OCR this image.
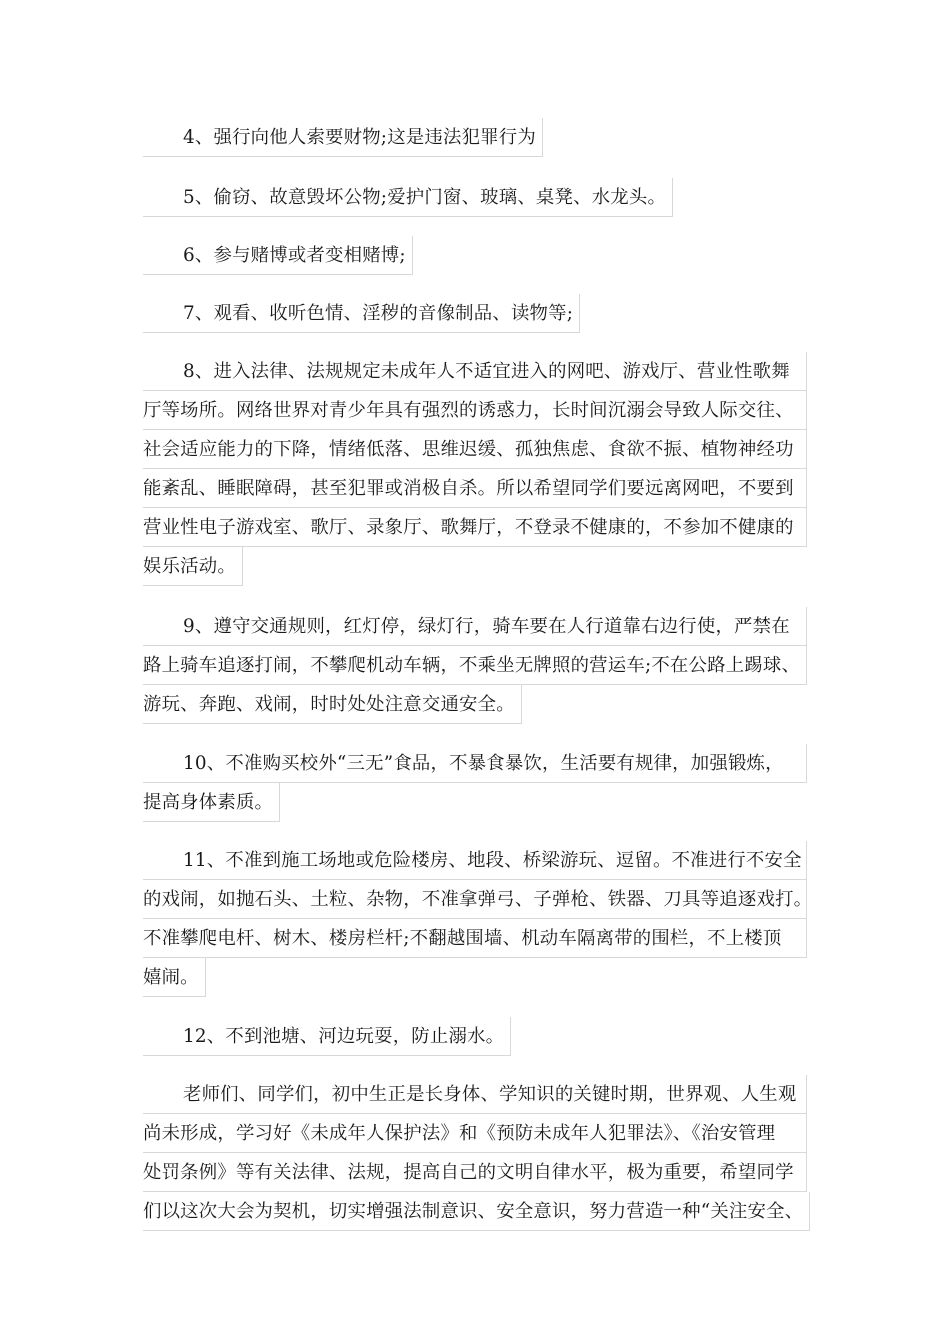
4、强行向他人索要财物;这是违法犯罪行为
5、偷窃、故意毁坏公物;爱护门窗、玻璃、桌凳、水龙头。
6、参与赌博或者变相赌博;
7、观看、收听色情、淫秽的音像制品、读物等;
8、进入法律、法规规定未成年人不适宜进入的网吧、游戏厅、营业性歌舞
厅等场所。网络世界对青少年具有强烈的诱惑力，长时间沉溺会导致人际交往、
社会适应能力的下降，情绪低落、思维迟缓、孤独焦虑、食欲不振、植物神经功
能紊乱、睡眠障碍，甚至犯罪或消极自杀。所以希望同学们要远离网吧，不要到
营业性电子游戏室、歌厅、录象厅、歌舞厅，不登录不健康的，不参加不健康的
娱乐活动。
9、遵守交通规则，红灯停，绿灯行，骑车要在人行道靠右边行使，严禁在
路上骑车追逐打闹，不攀爬机动车辆，不乘坐无牌照的营运车;不在公路上踢球、
游玩、奔跑、戏闹，时时处处注意交通安全。
10、不准购买校外“三无”食品，不暴食暴饮，生活要有规律，加强锻炼，
提高身体素质。
11、不准到施工场地或危险楼房、地段、桥梁游玩、逗留。不准进行不安全
的戏闹，如抛石头、土粒、杂物，不准拿弹弓、子弹枪、铁器、刀具等追逐戏打。
不准攀爬电杆、树木、楼房栏杆;不翻越围墙、机动车隔离带的围栏，不上楼顶
嬉闹。
12、不到池塘、河边玩耍，防止溺水。
老师们、同学们，初中生正是长身体、学知识的关键时期，世界观、人生观
尚未形成，学习好《未成年人保护法》和《预防未成年人犯罪法》、《治安管理
处罚条例》等有关法律、法规，提高自己的文明自律水平，极为重要，希望同学
们以这次大会为契机，切实增强法制意识、安全意识，努力营造一种“关注安全、
